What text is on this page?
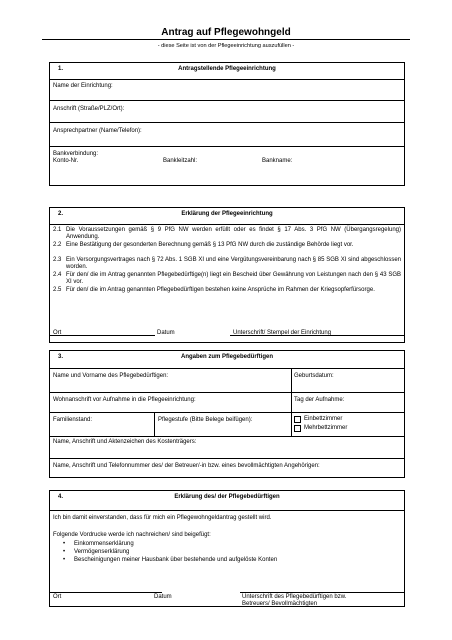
Antrag auf Pflegewohngeld
- diese Seite ist von der Pflegeeinrichtung auszufüllen -
1.	Antragstellende Pflegeeinrichtung
Name der Einrichtung:
Anschrift (Straße/PLZ/Ort):
Ansprechpartner (Name/Telefon):
Bankverbindung:
Konto-Nr.	Bankleitzahl:	Bankname:
2.	Erklärung der Pflegeeinrichtung
2.1 Die Voraussetzungen gemäß § 9 PfG NW werden erfüllt oder es findet § 17 Abs. 3 PfG NW (Übergangsregelung) Anwendung.
2.2 Eine Bestätigung der gesonderten Berechnung gemäß § 13 PfG NW durch die zuständige Behörde liegt vor.
2.3 Ein Versorgungsvertrages nach § 72 Abs. 1 SGB XI und eine Vergütungsvereinbarung nach § 85 SGB XI sind abgeschlossen worden.
2.4 Für den/ die im Antrag genannten Pflegebedürftige(n) liegt ein Bescheid über Gewährung von Leistungen nach den § 43 SGB XI vor.
2.5 Für den/ die im Antrag genannten Pflegebedürftigen bestehen keine Ansprüche im Rahmen der Kriegsopferfürsorge.
Ort	Datum	Unterschrift/ Stempel der Einrichtung
3.	Angaben zum Pflegebedürftigen
Name und Vorname des Pflegebedürftigen:	Geburtsdatum:
Wohnanschrift vor Aufnahme in die Pflegeeinrichtung:	Tag der Aufnahme:
Familienstand:	Pflegestufe (Bitte Belege beifügen):	Einbettzimmer
Mehrbettzimmer
Name, Anschrift und Aktenzeichen des Kostenträgers:
Name, Anschrift und Telefonnummer des/ der Betreuer/-in bzw. eines bevollmächtigten Angehörigen:
4.	Erklärung des/ der Pflegebedürftigen
Ich bin damit einverstanden, dass für mich ein Pflegewohngeldantrag gestellt wird.
Folgende Vordrucke werde ich nachreichen/ sind beigefügt:
• Einkommenserklärung
• Vermögenserklärung
• Bescheinigungen meiner Hausbank über bestehende und aufgelöste Konten
Ort	Datum	Unterschrift des Pflegebedürftigen bzw.
Betreuers/ Bevollmächtigten
